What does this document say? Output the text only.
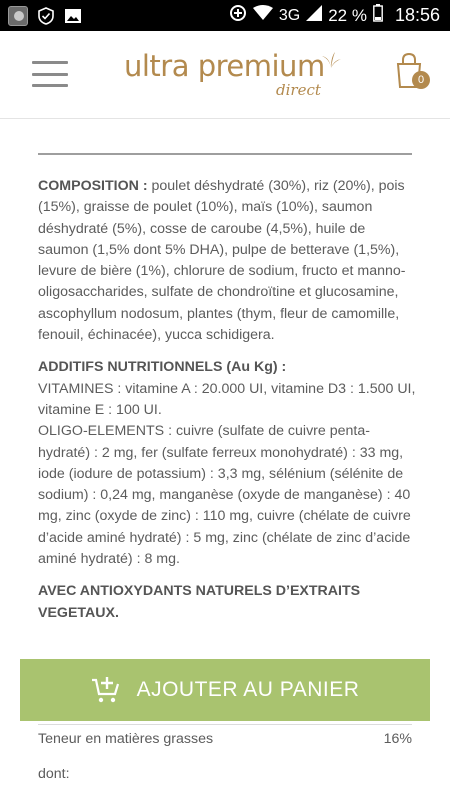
3G 22 % 18:56
ultra premium
direct
0

COMPOSITION : poulet déshydraté (30%), riz (20%), pois (15%), graisse de poulet (10%), maïs (10%), saumon déshydraté (5%), cosse de caroube (4,5%), huile de saumon (1,5% dont 5% DHA), pulpe de betterave (1,5%), levure de bière (1%), chlorure de sodium, fructo et manno-oligosaccharides, sulfate de chondroïtine et glucosamine, ascophyllum nodosum, plantes (thym, fleur de camomille, fenouil, échinacée), yucca schidigera.

ADDITIFS NUTRITIONNELS (Au Kg) :
VITAMINES : vitamine A : 20.000 UI, vitamine D3 : 1.500 UI, vitamine E : 100 UI.
OLIGO-ELEMENTS : cuivre (sulfate de cuivre penta-hydraté) : 2 mg, fer (sulfate ferreux monohydraté) : 33 mg, iode (iodure de potassium) : 3,3 mg, sélénium (sélénite de sodium) : 0,24 mg, manganèse (oxyde de manganèse) : 40 mg, zinc (oxyde de zinc) : 110 mg, cuivre (chélate de cuivre d’acide aminé hydraté) : 5 mg, zinc (chélate de zinc d’acide aminé hydraté) : 8 mg.

AVEC ANTIOXYDANTS NATURELS D’EXTRAITS VEGETAUX.

AJOUTER AU PANIER
Teneur en matières grasses	16%
dont:
